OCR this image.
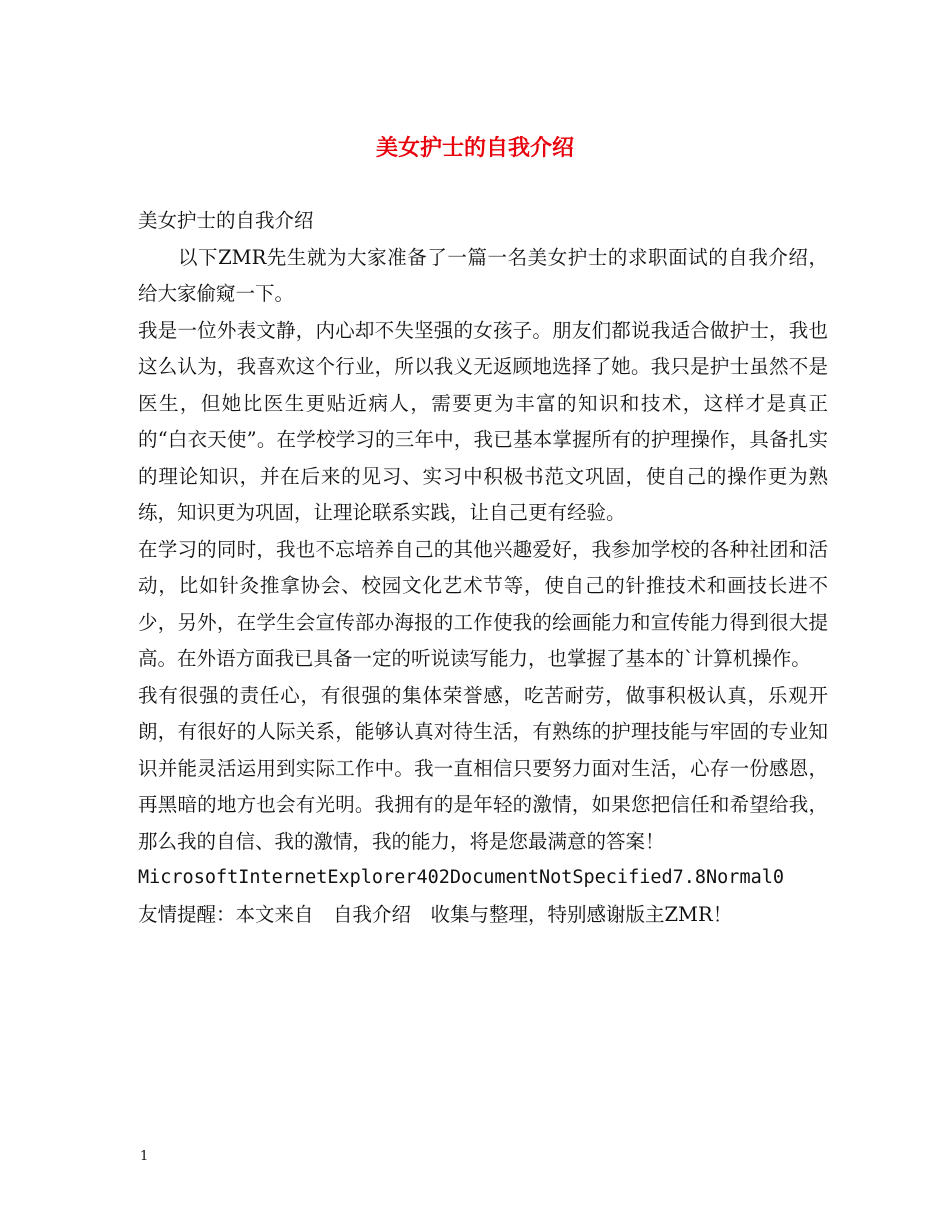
美女护士的自我介绍

美女护士的自我介绍

以下ZMR先生就为大家准备了一篇一名美女护士的求职面试的自我介绍，给大家偷窥一下。

我是一位外表文静，内心却不失坚强的女孩子。朋友们都说我适合做护士，我也这么认为，我喜欢这个行业，所以我义无返顾地选择了她。我只是护士虽然不是医生，但她比医生更贴近病人，需要更为丰富的知识和技术，这样才是真正的“白衣天使”。在学校学习的三年中，我已基本掌握所有的护理操作，具备扎实的理论知识，并在后来的见习、实习中积极书范文巩固，使自己的操作更为熟练，知识更为巩固，让理论联系实践，让自己更有经验。

在学习的同时，我也不忘培养自己的其他兴趣爱好，我参加学校的各种社团和活动，比如针灸推拿协会、校园文化艺术节等，使自己的针推技术和画技长进不少，另外，在学生会宣传部办海报的工作使我的绘画能力和宣传能力得到很大提高。在外语方面我已具备一定的听说读写能力，也掌握了基本的`计算机操作。

我有很强的责任心，有很强的集体荣誉感，吃苦耐劳，做事积极认真，乐观开朗，有很好的人际关系，能够认真对待生活，有熟练的护理技能与牢固的专业知识并能灵活运用到实际工作中。我一直相信只要努力面对生活，心存一份感恩，再黑暗的地方也会有光明。我拥有的是年轻的激情，如果您把信任和希望给我，那么我的自信、我的激情，我的能力，将是您最满意的答案！

MicrosoftInternetExplorer402DocumentNotSpecified7.8Normal0

友情提醒：本文来自　自我介绍　收集与整理，特别感谢版主ZMR！

1
